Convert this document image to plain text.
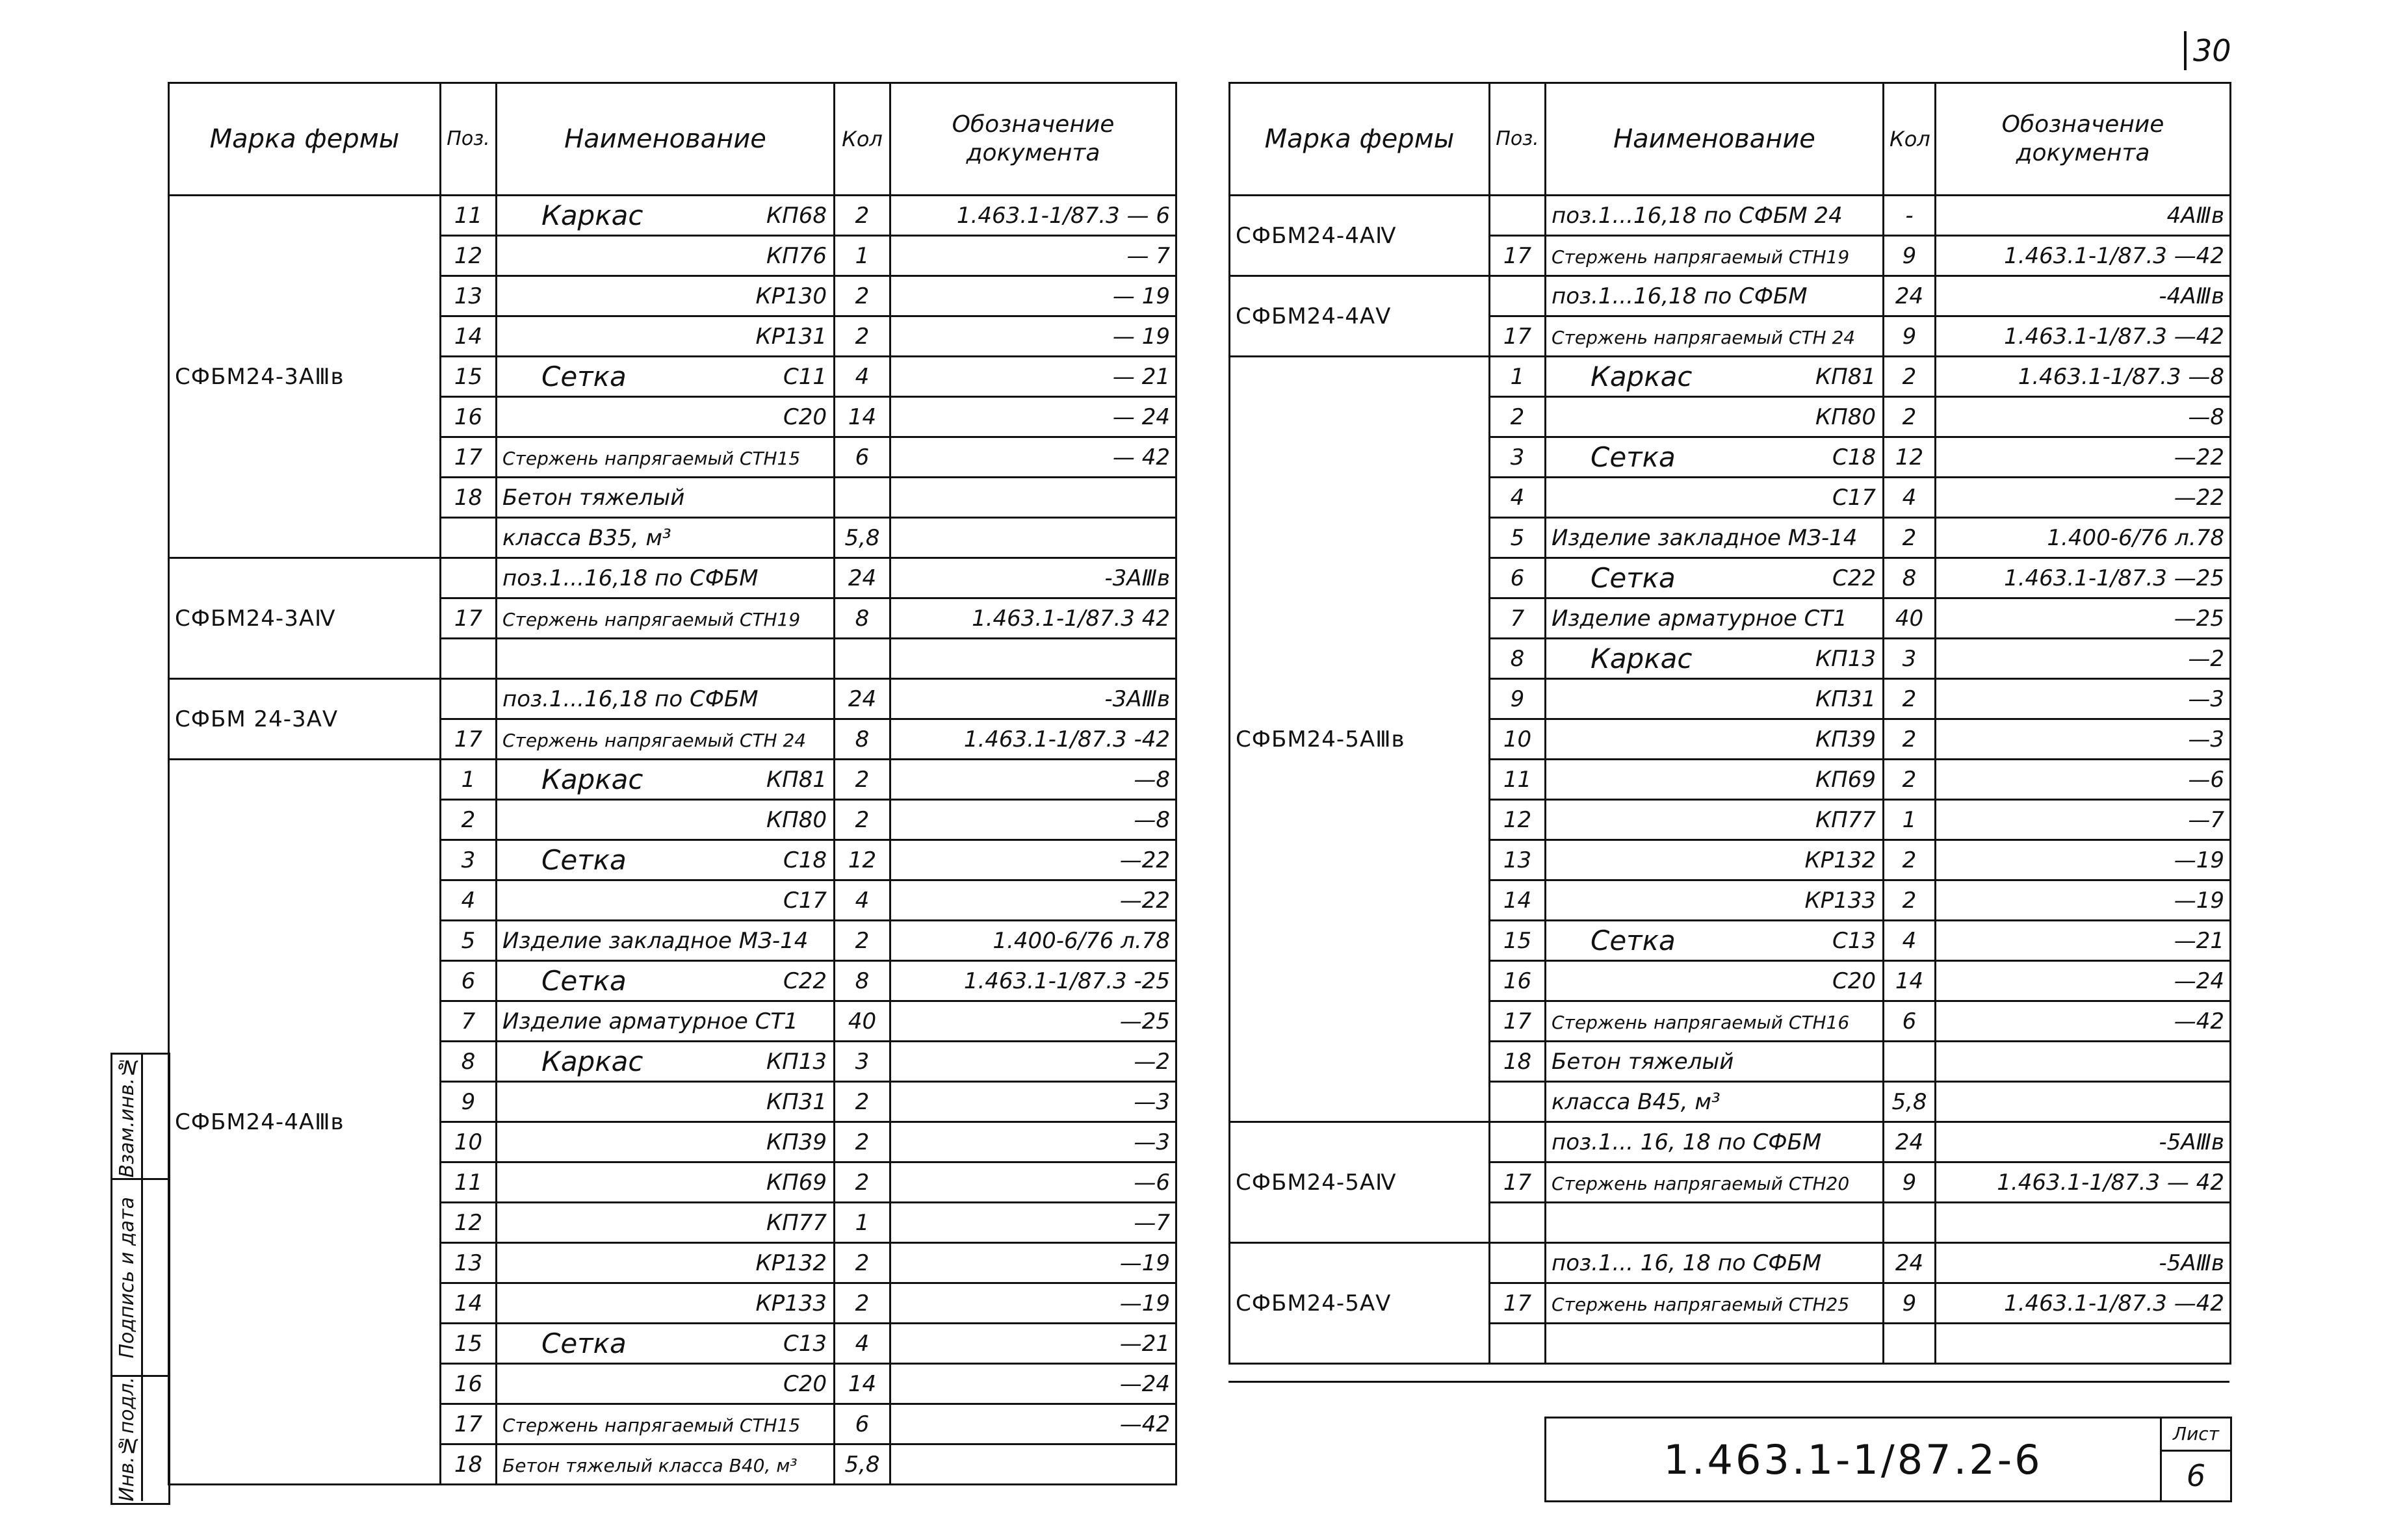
30
Марка фермы	Поз.	Наименование	Кол	Обозначение документа
СФБМ24-3АⅢв	11	Каркас КП68	2	1.463.1-1/87.3 — 6
	12	КП76	1	— 7
	13	КР130	2	— 19
	14	КР131	2	— 19
	15	Сетка С11	4	— 21
	16	С20	14	— 24
	17	Стержень напрягаемый СТН15	6	— 42
	18	Бетон тяжелый

		класса В35, м³	5,8	
СФБМ24-3АⅣ		поз.1...16,18 по СФБМ	24	-3АⅢв
	17	Стержень напрягаемый СТН19	8	1.463.1-1/87.3 42

СФБМ 24-3АⅤ		поз.1...16,18 по СФБМ	24	-3АⅢв
	17	Стержень напрягаемый СТН 24	8	1.463.1-1/87.3 -42
СФБМ24-4АⅢв	1	Каркас КП81	2	—8
	2	КП80	2	—8
	3	Сетка С18	12	—22
	4	С17	4	—22
	5	Изделие закладное МЗ-14	2	1.400-6/76 л.78
	6	Сетка С22	8	1.463.1-1/87.3 -25
	7	Изделие арматурное СТ1	40	—25
	8	Каркас КП13	3	—2
	9	КП31	2	—3
	10	КП39	2	—3
	11	КП69	2	—6
	12	КП77	1	—7
	13	КР132	2	—19
	14	КР133	2	—19
	15	Сетка С13	4	—21
	16	С20	14	—24
	17	Стержень напрягаемый СТН15	6	—42
	18	Бетон тяжелый класса В40, м³	5,8	
Марка фермы	Поз.	Наименование	Кол	Обозначение документа
СФБМ24-4АⅣ		поз.1...16,18 по СФБМ 24	-	4АⅢв
	17	Стержень напрягаемый СТН19	9	1.463.1-1/87.3 —42
СФБМ24-4АⅤ		поз.1...16,18 по СФБМ	24	-4АⅢв
	17	Стержень напрягаемый СТН 24	9	1.463.1-1/87.3 —42
СФБМ24-5АⅢв	1	Каркас КП81	2	1.463.1-1/87.3 —8
	2	КП80	2	—8
	3	Сетка С18	12	—22
	4	С17	4	—22
	5	Изделие закладное МЗ-14	2	1.400-6/76 л.78
	6	Сетка С22	8	1.463.1-1/87.3 —25
	7	Изделие арматурное СТ1	40	—25
	8	Каркас КП13	3	—2
	9	КП31	2	—3
	10	КП39	2	—3
	11	КП69	2	—6
	12	КП77	1	—7
	13	КР132	2	—19
	14	КР133	2	—19
	15	Сетка С13	4	—21
	16	С20	14	—24
	17	Стержень напрягаемый СТН16	6	—42
	18	Бетон тяжелый

		класса В45, м³	5,8	
СФБМ24-5АⅣ		поз.1... 16, 18 по СФБМ	24	-5АⅢв
	17	Стержень напрягаемый СТН20	9	1.463.1-1/87.3 — 42

СФБМ24-5АⅤ		поз.1... 16, 18 по СФБМ	24	-5АⅢв
	17	Стержень напрягаемый СТН25	9	1.463.1-1/87.3 —42

1.463.1-1/87.2-6
Лист
6
Взам.инв.№
Подпись и дата
Инв.№подл.
